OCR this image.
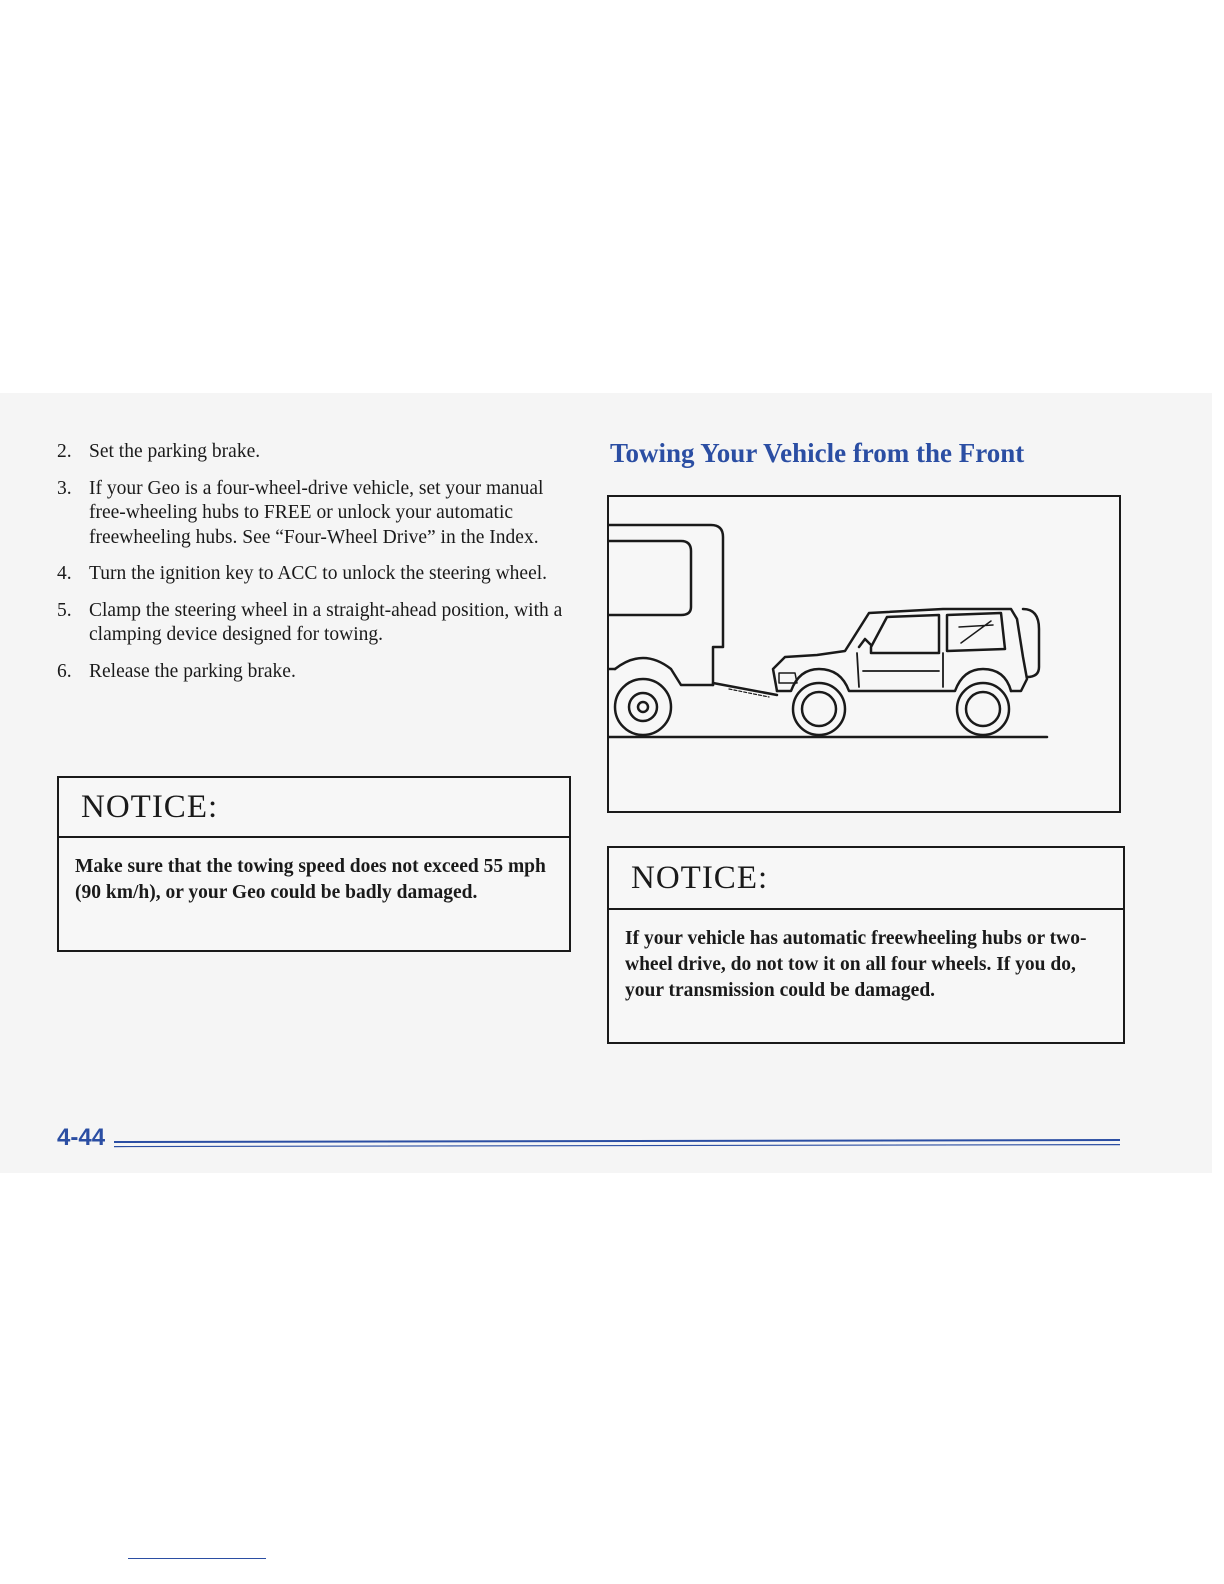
2. Set the parking brake.
3. If your Geo is a four-wheel-drive vehicle, set your manual free-wheeling hubs to FREE or unlock your automatic freewheeling hubs. See “Four-Wheel Drive” in the Index.
4. Turn the ignition key to ACC to unlock the steering wheel.
5. Clamp the steering wheel in a straight-ahead position, with a clamping device designed for towing.
6. Release the parking brake.
NOTICE:
Make sure that the towing speed does not exceed 55 mph (90 km/h), or your Geo could be badly damaged.
Towing Your Vehicle from the Front
NOTICE:
If your vehicle has automatic freewheeling hubs or two-wheel drive, do not tow it on all four wheels. If you do, your transmission could be damaged.

4-44
